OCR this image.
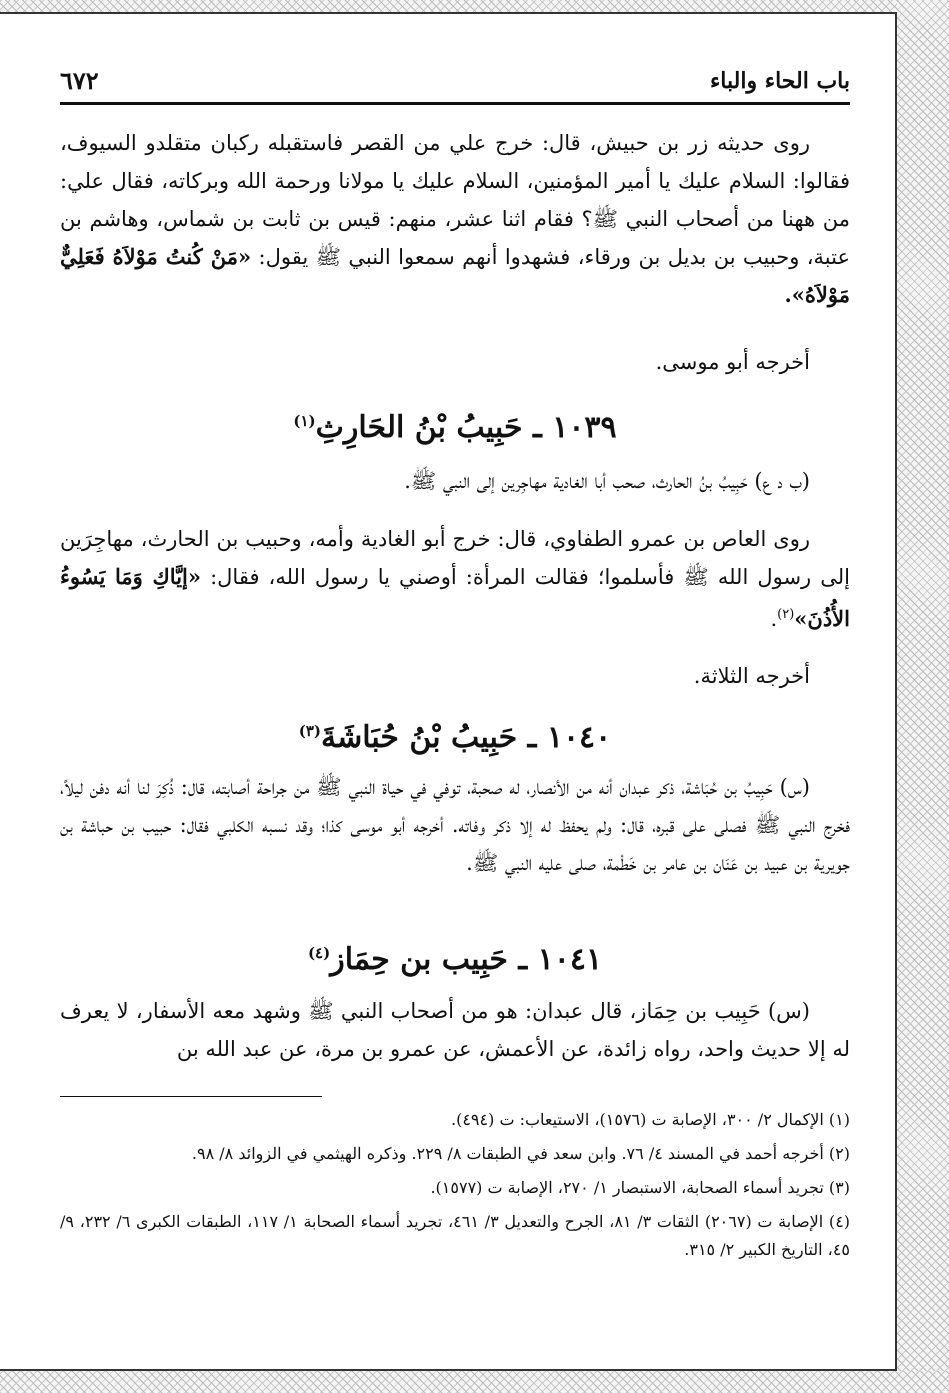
باب الحاء والباء
٦٧٢

روى حديثه زر بن حبيش، قال: خرج علي من القصر فاستقبله ركبان متقلدو السيوف، فقالوا: السلام عليك يا أمير المؤمنين، السلام عليك يا مولانا ورحمة الله وبركاته، فقال علي: من ههنا من أصحاب النبي ﷺ؟ فقام اثنا عشر، منهم: قيس بن ثابت بن شماس، وهاشم بن عتبة، وحبيب بن بديل بن ورقاء، فشهدوا أنهم سمعوا النبي ﷺ يقول: «مَنْ كُنتُ مَوْلاَهُ فَعَلِيٌّ مَوْلاَهُ».

أخرجه أبو موسى.

١٠٣٩ ـ حَبِيبُ بْنُ الحَارِثِ$^{(١)}$

(ب د ع) حَبِيبُ بنُ الحارث، صحب أبا الغادية مهاجِرين إلى النبي ﷺ.

روى العاص بن عمرو الطفاوي، قال: خرج أبو الغادية وأمه، وحبيب بن الحارث، مهاجِرَين إلى رسول الله ﷺ فأسلموا؛ فقالت المرأة: أوصني يا رسول الله، فقال: «إيَّاكِ وَمَا يَسُوءُ الأُذُنَ»$^{(٢)}$.

أخرجه الثلاثة.

١٠٤٠ ـ حَبِيبُ بْنُ حُبَاشَةَ$^{(٣)}$

(س) حَبِيبُ بن حُبَاشة، ذكر عبدان أنه من الأنصار، له صحبة، توفي في حياة النبي ﷺ من جراحة أصابته، قال: ذُكِرَ لنا أنه دفن ليلاً، فخرج النبي ﷺ فصلى على قبره، قال: ولم يحفظ له إلا ذكر وفاته. أخرجه أبو موسى كذا؛ وقد نسبه الكلبي فقال: حبيب بن حباشة بن جويرية بن عبيد بن عَنَان بن عامر بن خَطْمة، صلى عليه النبي ﷺ.

١٠٤١ ـ حَبِيب بن حِمَاز$^{(٤)}$

(س) حَبِيب بن حِمَاز، قال عبدان: هو من أصحاب النبي ﷺ وشهد معه الأسفار، لا يعرف له إلا حديث واحد، رواه زائدة، عن الأعمش، عن عمرو بن مرة، عن عبد الله بن

(١) الإكمال ٢/ ٣٠٠، الإصابة ت (١٥٧٦)، الاستيعاب: ت (٤٩٤).

(٢) أخرجه أحمد في المسند ٤/ ٧٦. وابن سعد في الطبقات ٨/ ٢٢٩. وذكره الهيثمي في الزوائد ٨/ ٩٨.

(٣) تجريد أسماء الصحابة، الاستبصار ١/ ٢٧٠، الإصابة ت (١٥٧٧).

(٤) الإصابة ت (٢٠٦٧) الثقات ٣/ ٨١، الجرح والتعديل ٣/ ٤٦١، تجريد أسماء الصحابة ١/ ١١٧، الطبقات الكبرى ٦/ ٢٣٢، ٩/ ٤٥، التاريخ الكبير ٢/ ٣١٥.
